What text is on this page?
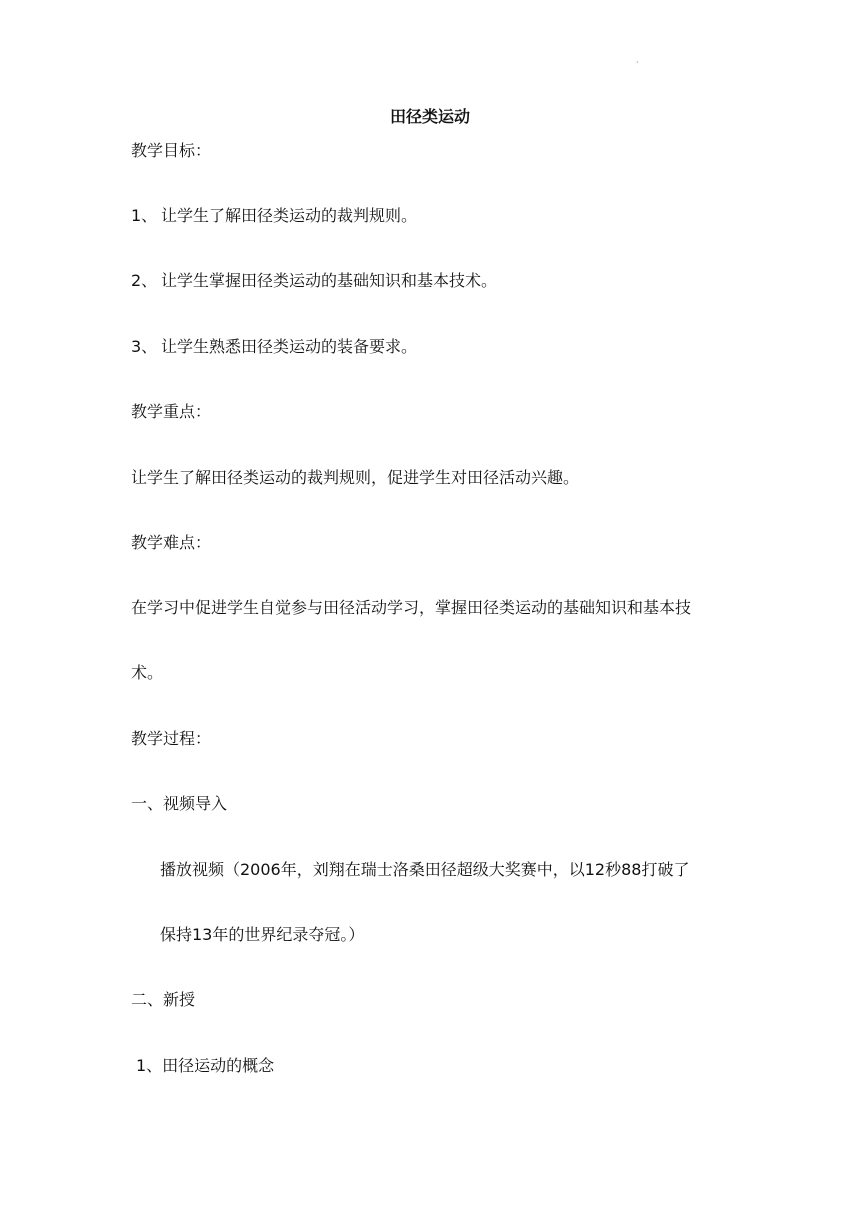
·
田径类运动
教学目标：
1、 让学生了解田径类运动的裁判规则。
2、 让学生掌握田径类运动的基础知识和基本技术。
3、 让学生熟悉田径类运动的装备要求。
教学重点：
让学生了解田径类运动的裁判规则，促进学生对田径活动兴趣。
教学难点：
在学习中促进学生自觉参与田径活动学习，掌握田径类运动的基础知识和基本技
术。
教学过程：
一、视频导入
播放视频（2006年，刘翔在瑞士洛桑田径超级大奖赛中，以12秒88打破了
保持13年的世界纪录夺冠。）
二、新授
1、田径运动的概念
